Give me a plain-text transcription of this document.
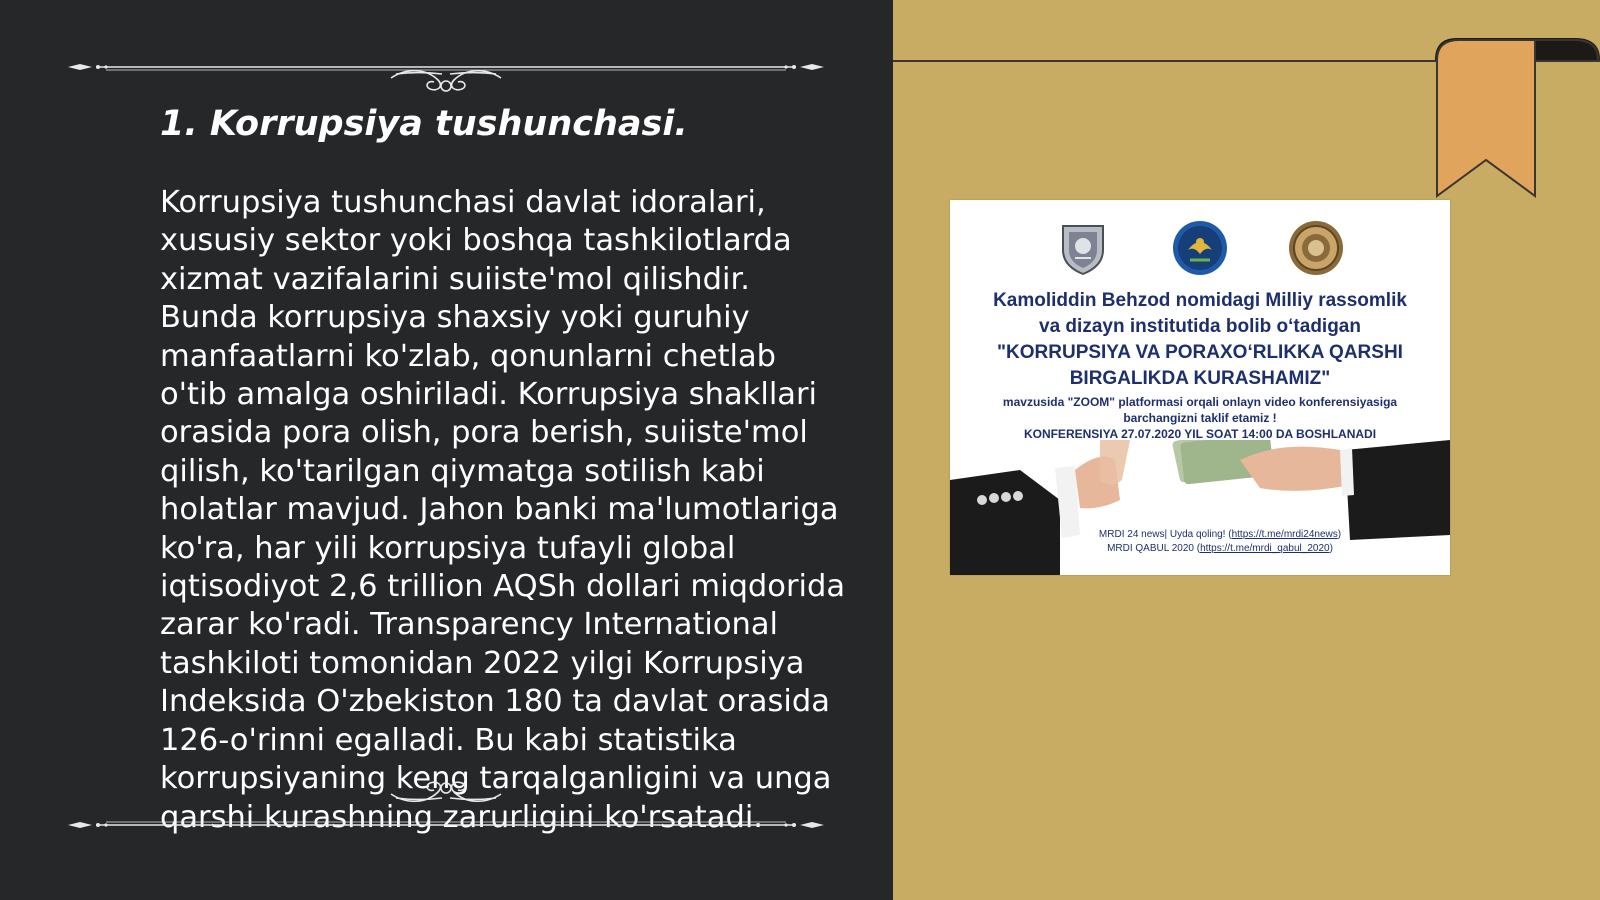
1. Korrupsiya tushunchasi.

Korrupsiya tushunchasi davlat idoralari, xususiy sektor yoki boshqa tashkilotlarda xizmat vazifalarini suiiste'mol qilishdir. Bunda korrupsiya shaxsiy yoki guruhiy manfaatlarni ko'zlab, qonunlarni chetlab o'tib amalga oshiriladi. Korrupsiya shakllari orasida pora olish, pora berish, suiiste'mol qilish, ko'tarilgan qiymatga sotilish kabi holatlar mavjud. Jahon banki ma'lumotlariga ko'ra, har yili korrupsiya tufayli global iqtisodiyot 2,6 trillion AQSh dollari miqdorida zarar ko'radi. Transparency International tashkiloti tomonidan 2022 yilgi Korrupsiya Indeksida O'zbekiston 180 ta davlat orasida 126-o'rinni egalladi. Bu kabi statistika korrupsiyaning keng tarqalganligini va unga qarshi kurashning zarurligini ko'rsatadi.

Kamoliddin Behzod nomidagi Milliy rassomlik
va dizayn institutida bolib o‘tadigan
"KORRUPSIYA VA PORAXO‘RLIKKA QARSHI
BIRGALIKDA KURASHAMIZ"
mavzusida "ZOOM" platformasi orqali onlayn video konferensiyasiga
barchangizni taklif etamiz !
KONFERENSIYA 27.07.2020 YIL SOAT 14:00 DA BOSHLANADI
MRDI 24 news| Uyda qoling! (https://t.me/mrdi24news)
MRDI QABUL 2020 (https://t.me/mrdi_qabul_2020)
